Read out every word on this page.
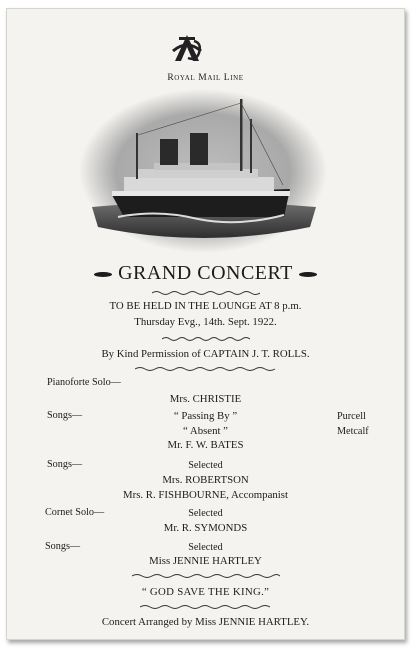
Royal Mail Line
GRAND CONCERT
TO BE HELD IN THE LOUNGE AT 8 p.m.
Thursday Evg., 14th. Sept. 1922.
By Kind Permission of CAPTAIN J. T. ROLLS.
Pianoforte Solo—
Mrs. CHRISTIE
Songs—	“ Passing By ”	Purcell
“ Absent ”	Metcalf
Mr. F. W. BATES
Songs—	Selected
Mrs. ROBERTSON
Mrs. R. FISHBOURNE, Accompanist
Cornet Solo—	Selected
Mr. R. SYMONDS
Songs—	Selected
Miss JENNIE HARTLEY
“ GOD SAVE THE KING.”
Concert Arranged by Miss JENNIE HARTLEY.
